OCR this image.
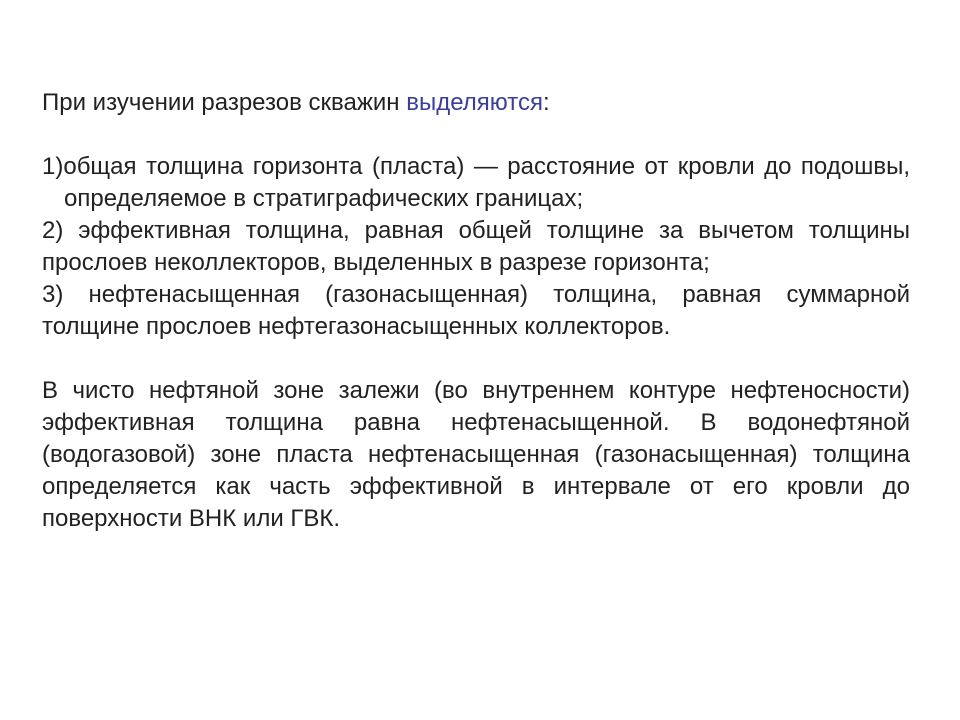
При изучении разрезов скважин выделяются:

1)общая толщина горизонта (пласта) — расстояние от кровли до подошвы, определяемое в стратиграфических границах;

2) эффективная толщина, равная общей толщине за вычетом толщины прослоев неколлекторов, выделенных в разрезе горизонта;

3) нефтенасыщенная (газонасыщенная) толщина, равная суммарной толщине прослоев нефтегазонасыщенных коллекторов.

В чисто нефтяной зоне залежи (во внутреннем контуре нефтеносности) эффективная толщина равна нефтенасыщенной. В водонефтяной (водогазовой) зоне пласта нефтенасыщенная (газонасыщенная) толщина определяется как часть эффективной в интервале от его кровли до поверхности ВНК или ГВК.
